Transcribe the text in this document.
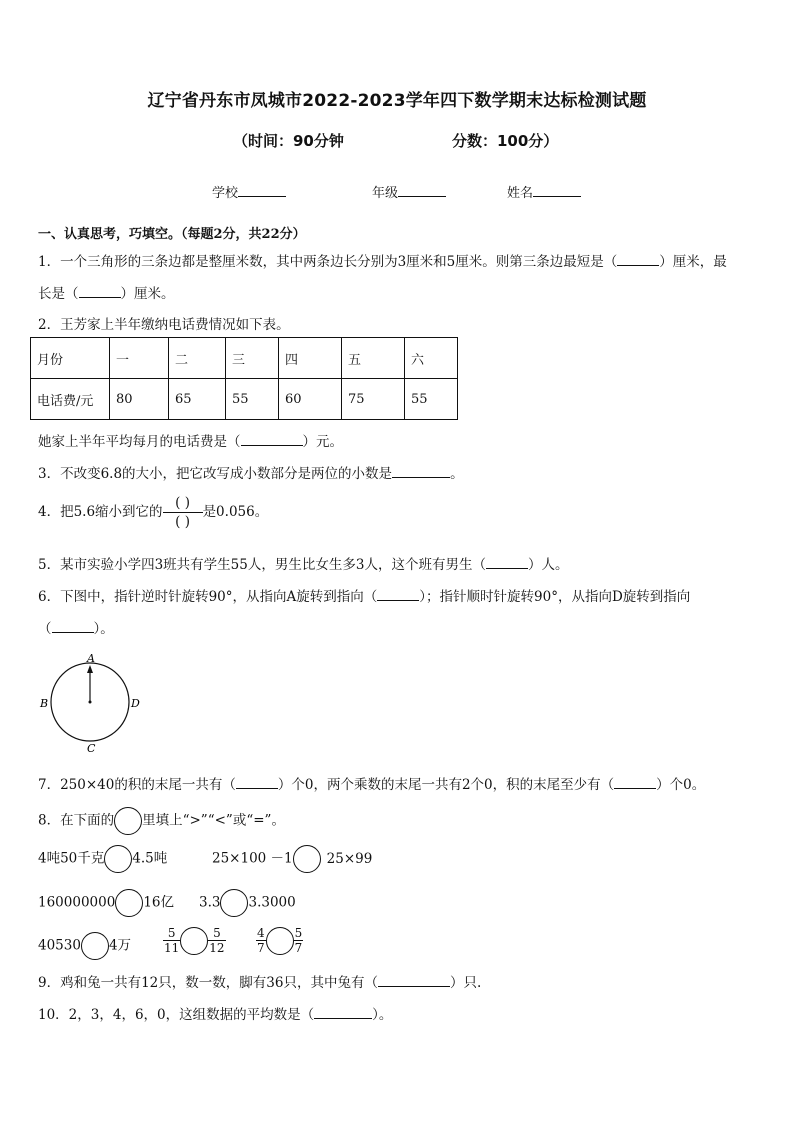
辽宁省丹东市凤城市2022-2023学年四下数学期末达标检测试题
（时间：90分钟	分数：100分）
学校	年级	姓名
一、认真思考，巧填空。（每题2分，共22分）
1．一个三角形的三条边都是整厘米数，其中两条边长分别为3厘米和5厘米。则第三条边最短是（	）厘米，最
长是（	）厘米。
2．王芳家上半年缴纳电话费情况如下表。
月份	一	二	三	四	五	六
电话费/元	80	65	55	60	75	55
她家上半年平均每月的电话费是（	）元。
3．不改变6.8的大小，把它改写成小数部分是两位的小数是	。
4．把5.6缩小到它的 $\frac{( )}{( )}$ 是0.056。
5．某市实验小学四3班共有学生55人，男生比女生多3人，这个班有男生（	）人。
6．下图中，指针逆时针旋转90°，从指向A旋转到指向（	）；指针顺时针旋转90°，从指向D旋转到指向
（	）。
A
B
C
D
7．250×40的积的末尾一共有（	）个0，两个乘数的末尾一共有2个0，积的末尾至少有（	）个0。
8．在下面的 里填上“>”“<”或“=”。
4吨50千克 4.5吨	25×100 －1	25×99
160000000 16亿 3.3 3.3000
40530 4万	$\frac{5}{11} \frac{5}{12}$	$\frac{4}{7} \frac{5}{7}$
9．鸡和兔一共有12只，数一数，脚有36只，其中兔有（	）只.
10．2，3，4，6，0，这组数据的平均数是（	）。
